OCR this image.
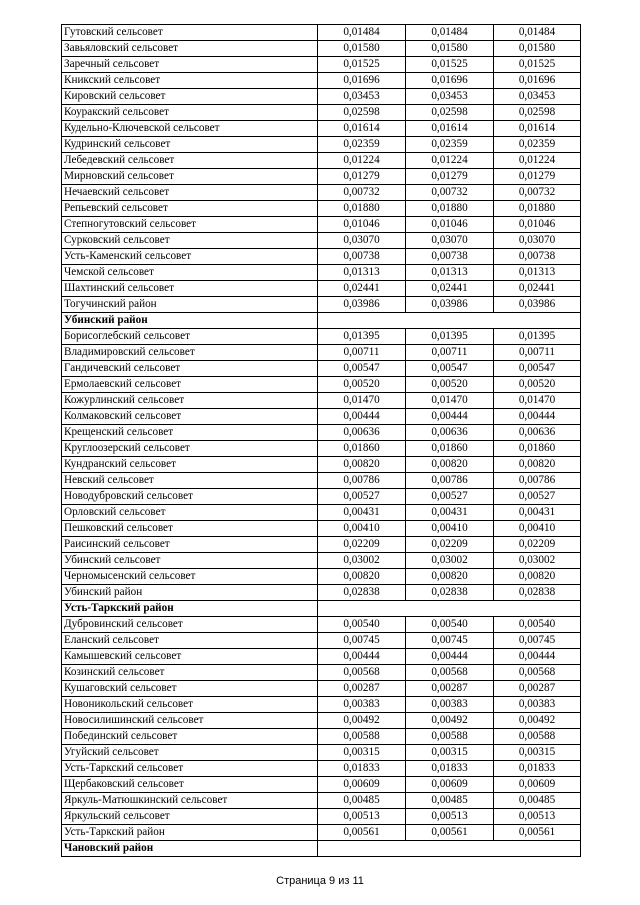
Гутовский сельсовет	0,01484	0,01484	0,01484
Завьяловский сельсовет	0,01580	0,01580	0,01580
Заречный сельсовет	0,01525	0,01525	0,01525
Кникский сельсовет	0,01696	0,01696	0,01696
Кировский сельсовет	0,03453	0,03453	0,03453
Коуракский сельсовет	0,02598	0,02598	0,02598
Кудельно-Ключевской сельсовет	0,01614	0,01614	0,01614
Кудринский сельсовет	0,02359	0,02359	0,02359
Лебедевский сельсовет	0,01224	0,01224	0,01224
Мирновский сельсовет	0,01279	0,01279	0,01279
Нечаевский сельсовет	0,00732	0,00732	0,00732
Репьевский сельсовет	0,01880	0,01880	0,01880
Степногутовский сельсовет	0,01046	0,01046	0,01046
Сурковский сельсовет	0,03070	0,03070	0,03070
Усть-Каменский сельсовет	0,00738	0,00738	0,00738
Чемской сельсовет	0,01313	0,01313	0,01313
Шахтинский сельсовет	0,02441	0,02441	0,02441
Тогучинский район	0,03986	0,03986	0,03986
Убинский район			
Борисоглебский сельсовет	0,01395	0,01395	0,01395
Владимировский сельсовет	0,00711	0,00711	0,00711
Гандичевский сельсовет	0,00547	0,00547	0,00547
Ермолаевский сельсовет	0,00520	0,00520	0,00520
Кожурлинский сельсовет	0,01470	0,01470	0,01470
Колмаковский сельсовет	0,00444	0,00444	0,00444
Крещенский сельсовет	0,00636	0,00636	0,00636
Круглоозерский сельсовет	0,01860	0,01860	0,01860
Кундранский сельсовет	0,00820	0,00820	0,00820
Невский сельсовет	0,00786	0,00786	0,00786
Новодубровский сельсовет	0,00527	0,00527	0,00527
Орловский сельсовет	0,00431	0,00431	0,00431
Пешковский сельсовет	0,00410	0,00410	0,00410
Раисинский сельсовет	0,02209	0,02209	0,02209
Убинский сельсовет	0,03002	0,03002	0,03002
Черномысенский сельсовет	0,00820	0,00820	0,00820
Убинский район	0,02838	0,02838	0,02838
Усть-Таркский район			
Дубровинский сельсовет	0,00540	0,00540	0,00540
Еланский сельсовет	0,00745	0,00745	0,00745
Камышевский сельсовет	0,00444	0,00444	0,00444
Козинский сельсовет	0,00568	0,00568	0,00568
Кушаговский сельсовет	0,00287	0,00287	0,00287
Новоникольский сельсовет	0,00383	0,00383	0,00383
Новосилишинский сельсовет	0,00492	0,00492	0,00492
Побединский сельсовет	0,00588	0,00588	0,00588
Угуйский сельсовет	0,00315	0,00315	0,00315
Усть-Таркский сельсовет	0,01833	0,01833	0,01833
Щербаковский сельсовет	0,00609	0,00609	0,00609
Яркуль-Матюшкинский сельсовет	0,00485	0,00485	0,00485
Яркульский сельсовет	0,00513	0,00513	0,00513
Усть-Таркский район	0,00561	0,00561	0,00561
Чановский район			
Страница 9 из 11
